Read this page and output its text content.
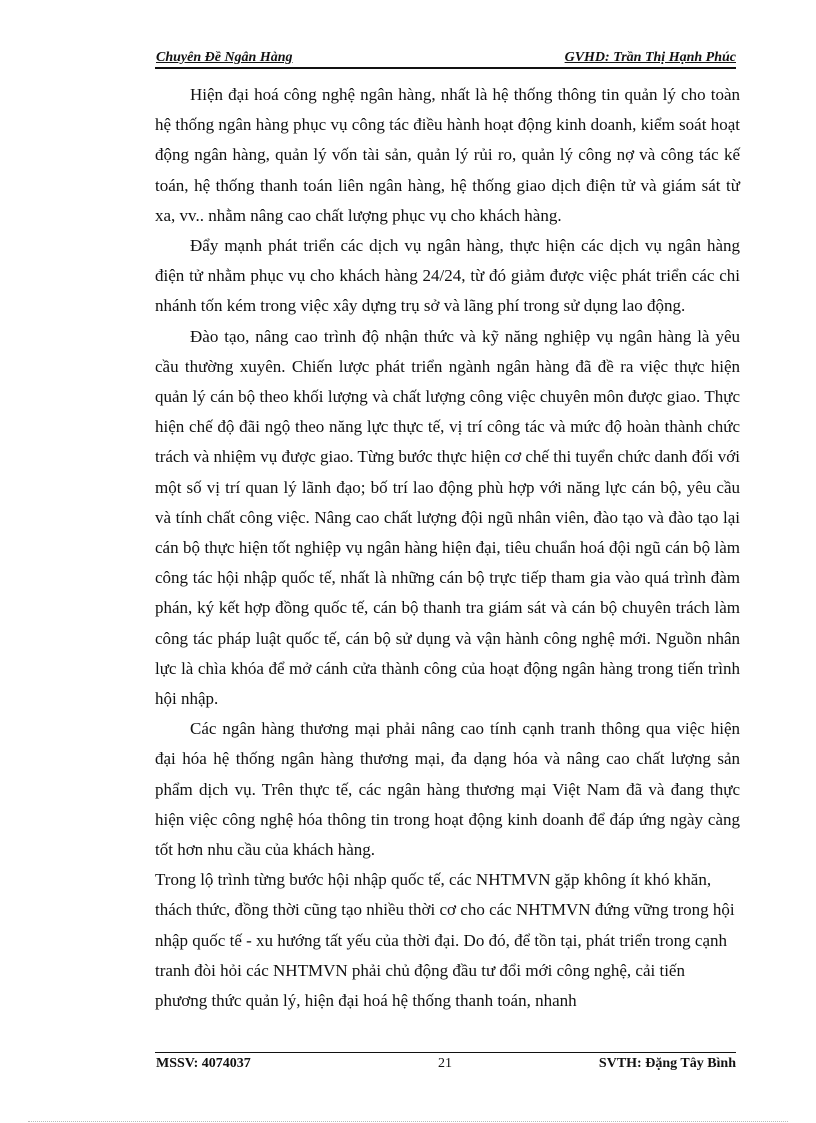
Chuyên Đề Ngân Hàng	GVHD: Trần Thị Hạnh Phúc

Hiện đại hoá công nghệ ngân hàng, nhất là hệ thống thông tin quản lý cho toàn hệ thống ngân hàng phục vụ công tác điều hành hoạt động kinh doanh, kiểm soát hoạt động ngân hàng, quản lý vốn tài sản, quản lý rủi ro, quản lý công nợ và công tác kế toán, hệ thống thanh toán liên ngân hàng, hệ thống giao dịch điện tử và giám sát từ xa, vv.. nhằm nâng cao chất lượng phục vụ cho khách hàng.

Đẩy mạnh phát triển các dịch vụ ngân hàng, thực hiện các dịch vụ ngân hàng điện tử nhằm phục vụ cho khách hàng 24/24, từ đó giảm được việc phát triển các chi nhánh tốn kém trong việc xây dựng trụ sở và lãng phí trong sử dụng lao động.

Đào tạo, nâng cao trình độ nhận thức và kỹ năng nghiệp vụ ngân hàng là yêu cầu thường xuyên. Chiến lược phát triển ngành ngân hàng đã đề ra việc thực hiện quản lý cán bộ theo khối lượng và chất lượng công việc chuyên môn được giao. Thực hiện chế độ đãi ngộ theo năng lực thực tế, vị trí công tác và mức độ hoàn thành chức trách và nhiệm vụ được giao. Từng bước thực hiện cơ chế thi tuyển chức danh đối với một số vị trí quan lý lãnh đạo; bố trí lao động phù hợp với năng lực cán bộ, yêu cầu và tính chất công việc. Nâng cao chất lượng đội ngũ nhân viên, đào tạo và đào tạo lại cán bộ thực hiện tốt nghiệp vụ ngân hàng hiện đại, tiêu chuẩn hoá đội ngũ cán bộ làm công tác hội nhập quốc tế, nhất là những cán bộ trực tiếp tham gia vào quá trình đàm phán, ký kết hợp đồng quốc tế, cán bộ thanh tra giám sát và cán bộ chuyên trách làm công tác pháp luật quốc tế, cán bộ sử dụng và vận hành công nghệ mới. Nguồn nhân lực là chìa khóa để mở cánh cửa thành công của hoạt động ngân hàng trong tiến trình hội nhập.

Các ngân hàng thương mại phải nâng cao tính cạnh tranh thông qua việc hiện đại hóa hệ thống ngân hàng thương mại, đa dạng hóa và nâng cao chất lượng sản phẩm dịch vụ. Trên thực tế, các ngân hàng thương mại Việt Nam đã và đang thực hiện việc công nghệ hóa thông tin trong hoạt động kinh doanh để đáp ứng ngày càng tốt hơn nhu cầu của khách hàng.

Trong lộ trình từng bước hội nhập quốc tế, các NHTMVN gặp không ít khó khăn, thách thức, đồng thời cũng tạo nhiều thời cơ cho các NHTMVN đứng vững trong hội nhập quốc tế - xu hướng tất yếu của thời đại. Do đó, để tồn tại, phát triển trong cạnh tranh đòi hỏi các NHTMVN phải chủ động đầu tư đổi mới công nghệ, cải tiến phương thức quản lý, hiện đại hoá hệ thống thanh toán, nhanh

MSSV: 4074037	21	SVTH: Đặng Tây Bình
